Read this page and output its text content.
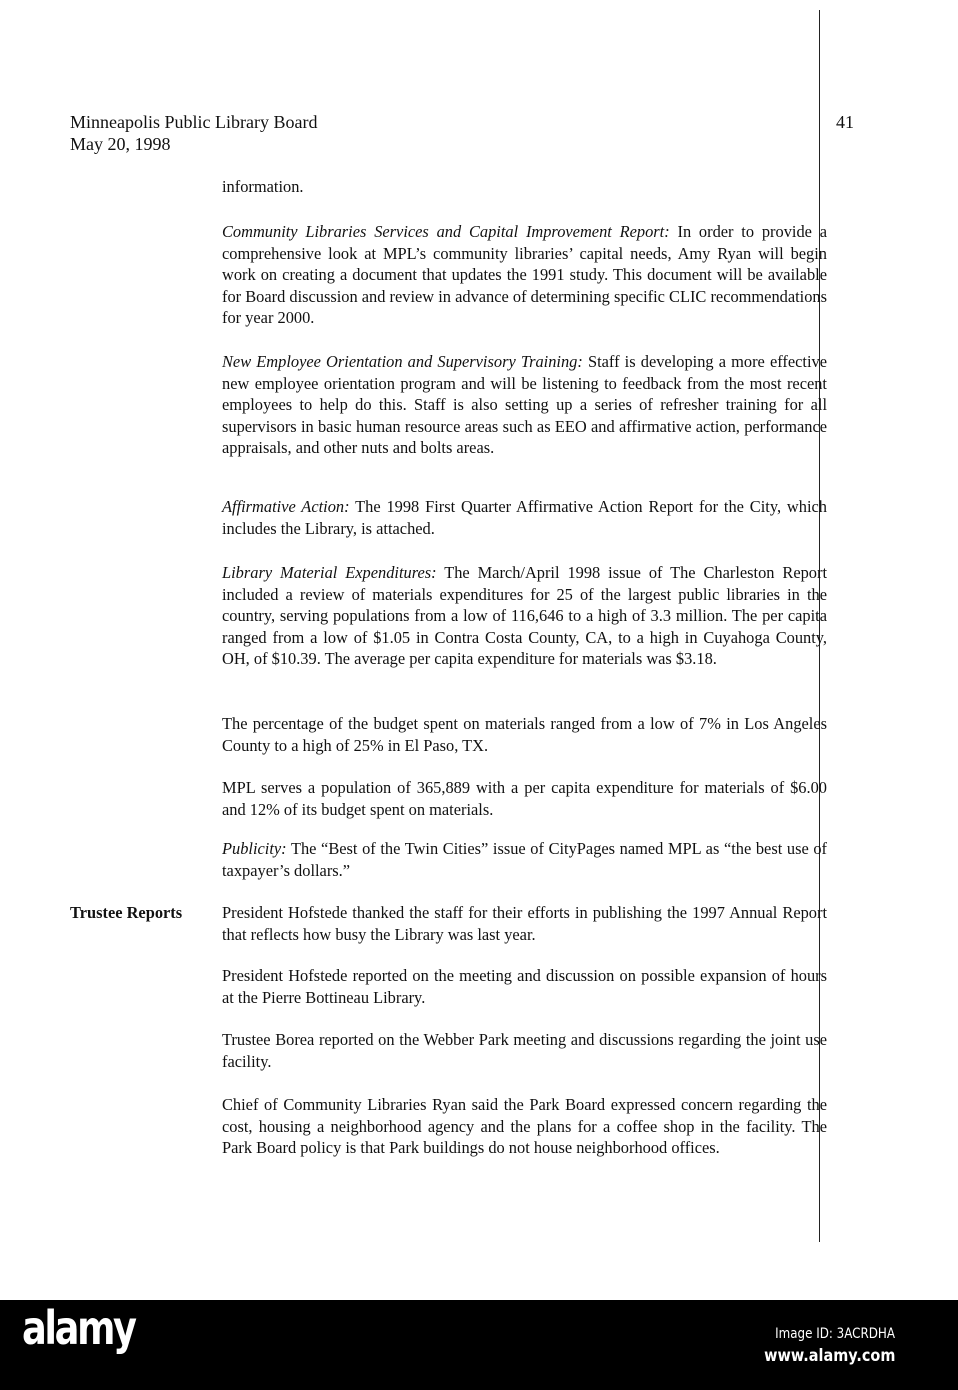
Minneapolis Public Library Board
May 20, 1998
41
information.
Community Libraries Services and Capital Improvement Report: In order to provide a comprehensive look at MPL’s community libraries’ capital needs, Amy Ryan will begin work on creating a document that updates the 1991 study. This document will be available for Board discussion and review in advance of determining specific CLIC recommendations for year 2000.
New Employee Orientation and Supervisory Training: Staff is developing a more effective new employee orientation program and will be listening to feedback from the most recent employees to help do this. Staff is also setting up a series of refresher training for all supervisors in basic human resource areas such as EEO and affirmative action, performance appraisals, and other nuts and bolts areas.
Affirmative Action: The 1998 First Quarter Affirmative Action Report for the City, which includes the Library, is attached.
Library Material Expenditures: The March/April 1998 issue of The Charleston Report included a review of materials expenditures for 25 of the largest public libraries in the country, serving populations from a low of 116,646 to a high of 3.3 million. The per capita ranged from a low of $1.05 in Contra Costa County, CA, to a high in Cuyahoga County, OH, of $10.39. The average per capita expenditure for materials was $3.18.
The percentage of the budget spent on materials ranged from a low of 7% in Los Angeles County to a high of 25% in El Paso, TX.
MPL serves a population of 365,889 with a per capita expenditure for materials of $6.00 and 12% of its budget spent on materials.
Publicity: The “Best of the Twin Cities” issue of CityPages named MPL as “the best use of taxpayer’s dollars.”
Trustee Reports President Hofstede thanked the staff for their efforts in publishing the 1997 Annual Report that reflects how busy the Library was last year.
President Hofstede reported on the meeting and discussion on possible expansion of hours at the Pierre Bottineau Library.
Trustee Borea reported on the Webber Park meeting and discussions regarding the joint use facility.
Chief of Community Libraries Ryan said the Park Board expressed concern regarding the cost, housing a neighborhood agency and the plans for a coffee shop in the facility. The Park Board policy is that Park buildings do not house neighborhood offices.
alamy	Image ID: 3ACRDHA
www.alamy.com
